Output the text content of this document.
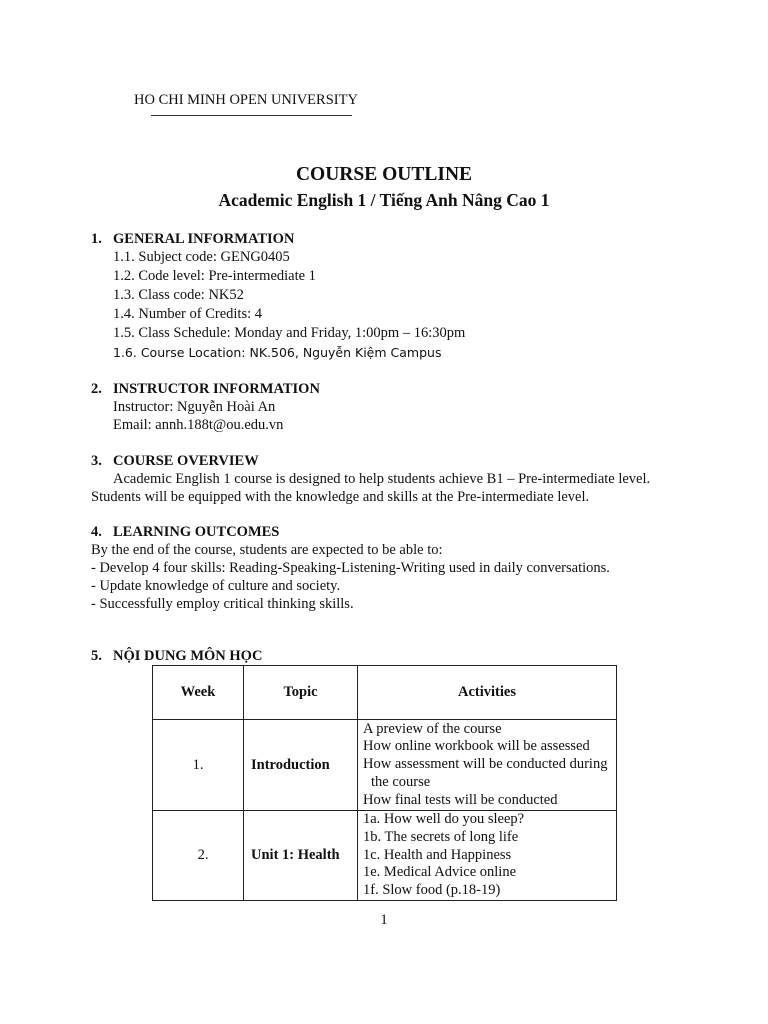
HO CHI MINH OPEN UNIVERSITY
COURSE OUTLINE
Academic English 1 / Tiếng Anh Nâng Cao 1
1. GENERAL INFORMATION
1.1. Subject code: GENG0405
1.2. Code level: Pre-intermediate 1
1.3. Class code: NK52
1.4. Number of Credits: 4
1.5. Class Schedule: Monday and Friday, 1:00pm – 16:30pm
1.6. Course Location: NK.506, Nguyễn Kiệm Campus
2. INSTRUCTOR INFORMATION
Instructor: Nguyễn Hoài An
Email: annh.188t@ou.edu.vn
3. COURSE OVERVIEW
Academic English 1 course is designed to help students achieve B1 – Pre-intermediate level.
Students will be equipped with the knowledge and skills at the Pre-intermediate level.
4. LEARNING OUTCOMES
By the end of the course, students are expected to be able to:
- Develop 4 four skills: Reading-Speaking-Listening-Writing used in daily conversations.
- Update knowledge of culture and society.
- Successfully employ critical thinking skills.
5. NỘI DUNG MÔN HỌC
Week	Topic	Activities
1.	Introduction	A preview of the course
How online workbook will be assessed
How assessment will be conducted during
the course
How final tests will be conducted

2.	Unit 1: Health	1a. How well do you sleep?
1b. The secrets of long life
1c. Health and Happiness
1e. Medical Advice online
1f. Slow food (p.18-19)
1
